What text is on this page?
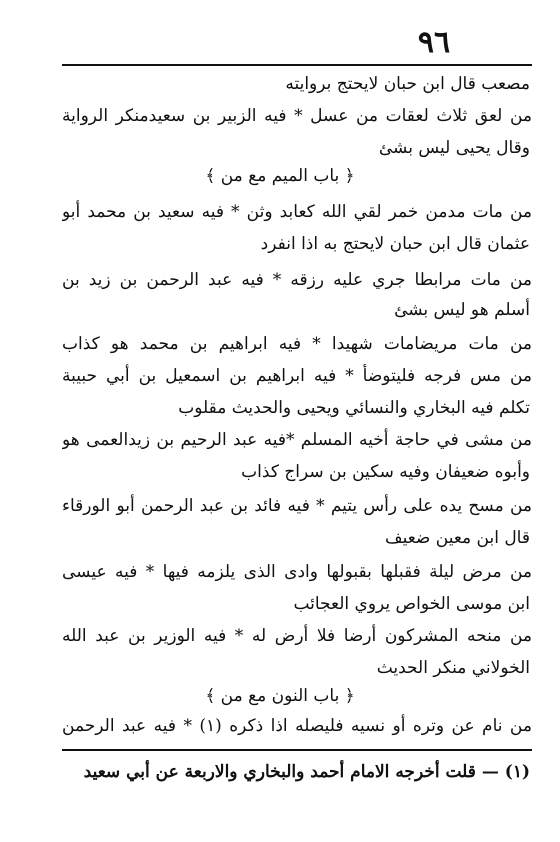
٩٦
مصعب قال ابن حبان لايحتج بروايته
من لعق ثلاث لعقات من عسل * فيه الزبير بن سعيدمنكر الرواية
وقال يحيى ليس بشئ
﴿ باب الميم مع من ﴾
من مات مدمن خمر لقي الله كعابد وثن * فيه سعيد بن محمد أبو
عثمان قال ابن حبان لايحتج به اذا انفرد
من مات مرابطا جري عليه رزقه * فيه عبد الرحمن بن زيد بن
أسلم هو ليس بشئ
من مات مريضامات شهيدا * فيه ابراهيم بن محمد هو كذاب
من مس فرجه فليتوضأ * فيه ابراهيم بن اسمعيل بن أبي حبيبة
تكلم فيه البخاري والنسائي ويحيى والحديث مقلوب
من مشى في حاجة أخيه المسلم *فيه عبد الرحيم بن زيدالعمى هو
وأبوه ضعيفان وفيه سكين بن سراج كذاب
من مسح يده على رأس يتيم * فيه فائد بن عبد الرحمن أبو الورقاء
قال ابن معين ضعيف
من مرض ليلة فقبلها بقبولها وادى الذى يلزمه فيها * فيه عيسى
ابن موسى الخواص يروي العجائب
من منحه المشركون أرضا فلا أرض له * فيه الوزير بن عبد الله
الخولاني منكر الحديث
﴿ باب النون مع من ﴾
من نام عن وتره أو نسيه فليصله اذا ذكره (١) * فيه عبد الرحمن
(١) — قلت أخرجه الامام أحمد والبخاري والاربعة عن أبي سعيد
